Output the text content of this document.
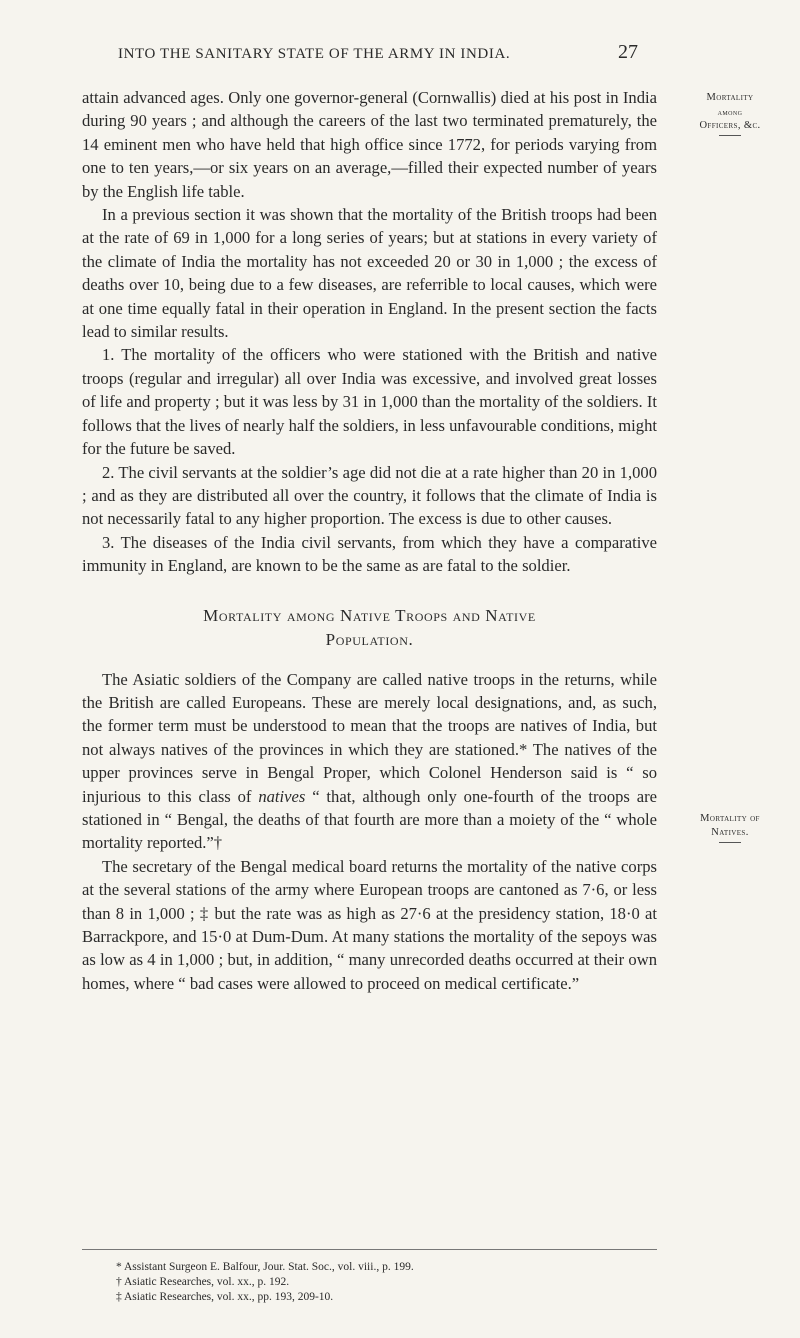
INTO THE SANITARY STATE OF THE ARMY IN INDIA.	27
Mortality
among
Officers, &c.
Mortality of
Natives.

attain advanced ages. Only one governor-general (Cornwallis) died at his post in India during 90 years ; and although the careers of the last two terminated prematurely, the 14 eminent men who have held that high office since 1772, for periods varying from one to ten years,—or six years on an average,—filled their expected number of years by the English life table.

In a previous section it was shown that the mortality of the British troops had been at the rate of 69 in 1,000 for a long series of years; but at stations in every variety of the climate of India the mortality has not exceeded 20 or 30 in 1,000 ; the excess of deaths over 10, being due to a few diseases, are referrible to local causes, which were at one time equally fatal in their operation in England. In the present section the facts lead to similar results.

1. The mortality of the officers who were stationed with the British and native troops (regular and irregular) all over India was excessive, and involved great losses of life and property ; but it was less by 31 in 1,000 than the mortality of the soldiers. It follows that the lives of nearly half the soldiers, in less unfavourable conditions, might for the future be saved.

2. The civil servants at the soldier’s age did not die at a rate higher than 20 in 1,000 ; and as they are distributed all over the country, it follows that the climate of India is not necessarily fatal to any higher proportion. The excess is due to other causes.

3. The diseases of the India civil servants, from which they have a comparative immunity in England, are known to be the same as are fatal to the soldier.

Mortality among Native Troops and Native
Population.

The Asiatic soldiers of the Company are called native troops in the returns, while the British are called Europeans. These are merely local designations, and, as such, the former term must be understood to mean that the troops are natives of India, but not always natives of the provinces in which they are stationed.* The natives of the upper provinces serve in Bengal Proper, which Colonel Henderson said is “ so injurious to this class of natives “ that, although only one-fourth of the troops are stationed in “ Bengal, the deaths of that fourth are more than a moiety of the “ whole mortality reported.”†

The secretary of the Bengal medical board returns the mortality of the native corps at the several stations of the army where European troops are cantoned as 7·6, or less than 8 in 1,000 ; ‡ but the rate was as high as 27·6 at the presidency station, 18·0 at Barrackpore, and 15·0 at Dum-Dum. At many stations the mortality of the sepoys was as low as 4 in 1,000 ; but, in addition, “ many unrecorded deaths occurred at their own homes, where “ bad cases were allowed to proceed on medical certificate.”

* Assistant Surgeon E. Balfour, Jour. Stat. Soc., vol. viii., p. 199.
† Asiatic Researches, vol. xx., p. 192.
‡ Asiatic Researches, vol. xx., pp. 193, 209-10.
